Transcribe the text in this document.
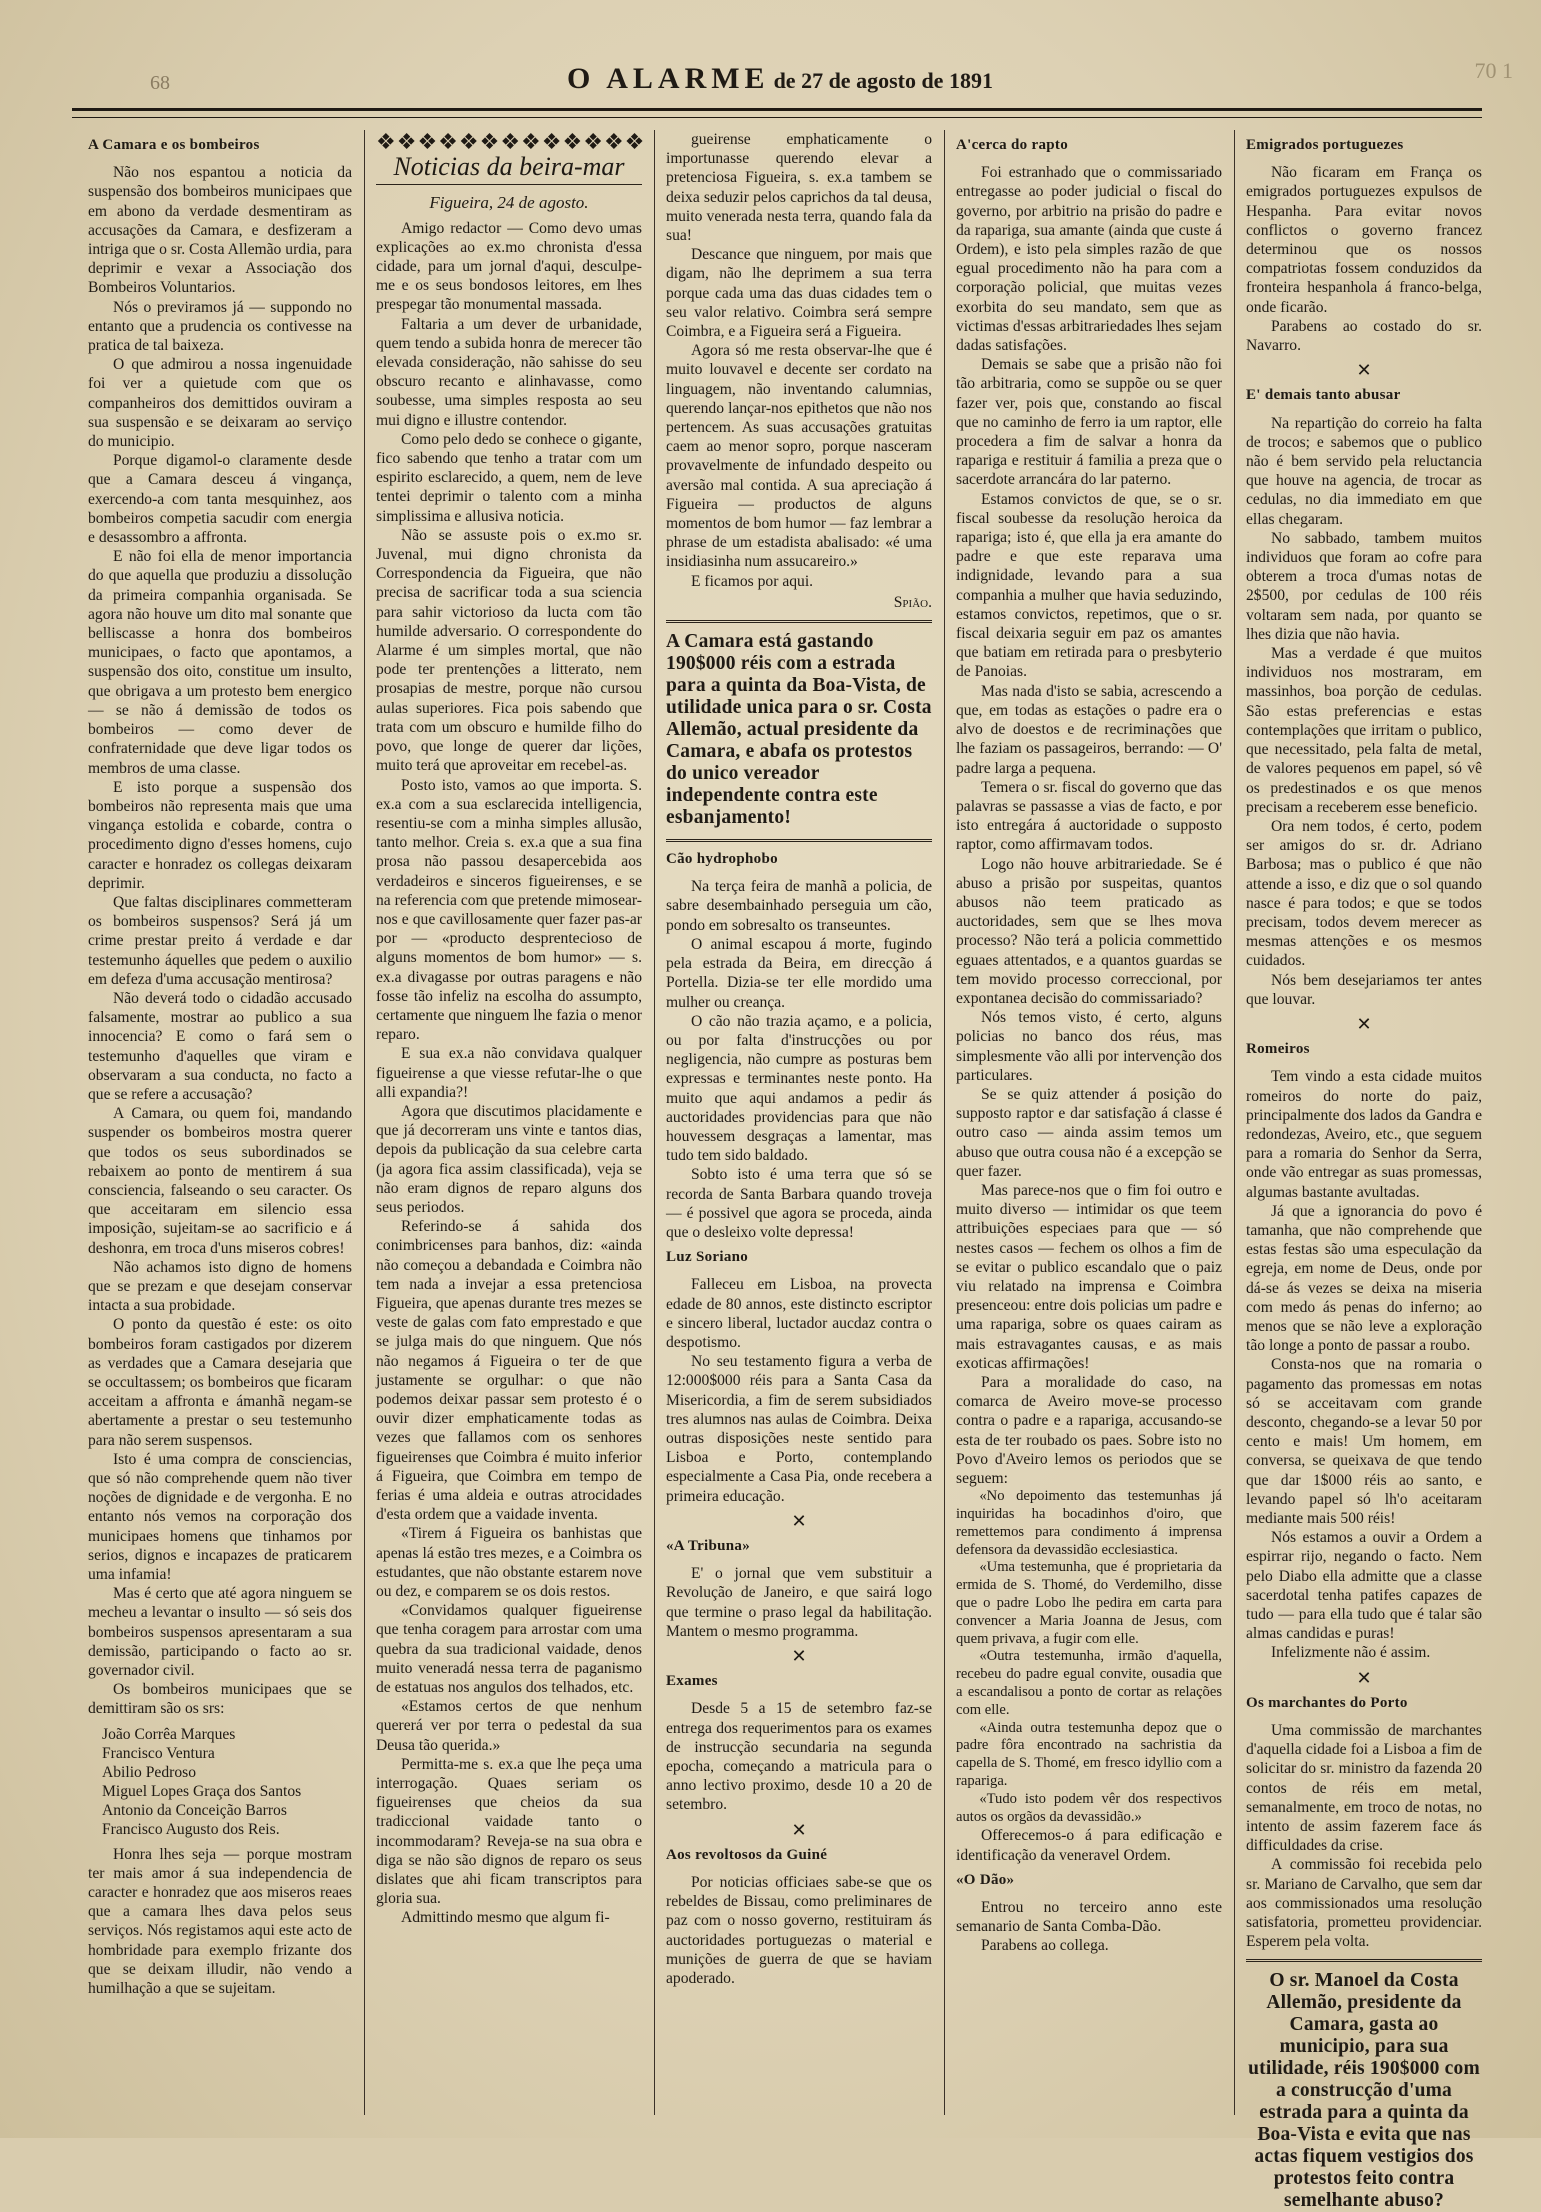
68	70 1
O ALARME de 27 de agosto de 1891
A Camara e os bombeiros

Não nos espantou a noticia da suspensão dos bombeiros municipaes que em abono da verdade desmentiram as accusações da Camara, e desfizeram a intriga que o sr. Costa Allemão urdia, para deprimir e vexar a Associação dos Bombeiros Voluntarios.

Nós o previramos já — suppondo no entanto que a prudencia os contivesse na pratica de tal baixeza.

O que admirou a nossa ingenuidade foi ver a quietude com que os companheiros dos demittidos ouviram a sua suspensão e se deixaram ao serviço do municipio.

Porque digamol-o claramente desde que a Camara desceu á vingança, exercendo-a com tanta mesquinhez, aos bombeiros competia sacudir com energia e desassombro a affronta.

E não foi ella de menor importancia do que aquella que produziu a dissolução da primeira companhia organisada. Se agora não houve um dito mal sonante que belliscasse a honra dos bombeiros municipaes, o facto que apontamos, a suspensão dos oito, constitue um insulto, que obrigava a um protesto bem energico — se não á demissão de todos os bombeiros — como dever de confraternidade que deve ligar todos os membros de uma classe.

E isto porque a suspensão dos bombeiros não representa mais que uma vingança estolida e cobarde, contra o procedimento digno d'esses homens, cujo caracter e honradez os collegas deixaram deprimir.

Que faltas disciplinares commetteram os bombeiros suspensos? Será já um crime prestar preito á verdade e dar testemunho áquelles que pedem o auxilio em defeza d'uma accusação mentirosa?

Não deverá todo o cidadão accusado falsamente, mostrar ao publico a sua innocencia? E como o fará sem o testemunho d'aquelles que viram e observaram a sua conducta, no facto a que se refere a accusação?

A Camara, ou quem foi, mandando suspender os bombeiros mostra querer que todos os seus subordinados se rebaixem ao ponto de mentirem á sua consciencia, falseando o seu caracter. Os que acceitaram em silencio essa imposição, sujeitam-se ao sacrificio e á deshonra, em troca d'uns miseros cobres!

Não achamos isto digno de homens que se prezam e que desejam conservar intacta a sua probidade.

O ponto da questão é este: os oito bombeiros foram castigados por dizerem as verdades que a Camara desejaria que se occultassem; os bombeiros que ficaram acceitam a affronta e ámanhã negam-se abertamente a prestar o seu testemunho para não serem suspensos.

Isto é uma compra de consciencias, que só não comprehende quem não tiver noções de dignidade e de vergonha. E no entanto nós vemos na corporação dos municipaes homens que tinhamos por serios, dignos e incapazes de praticarem uma infamia!

Mas é certo que até agora ninguem se mecheu a levantar o insulto — só seis dos bombeiros suspensos apresentaram a sua demissão, participando o facto ao sr. governador civil.

Os bombeiros municipaes que se demittiram são os srs:

João Corrêa Marques
Francisco Ventura
Abilio Pedroso
Miguel Lopes Graça dos Santos
Antonio da Conceição Barros
Francisco Augusto dos Reis.

Honra lhes seja — porque mostram ter mais amor á sua independencia de caracter e honradez que aos miseros reaes que a camara lhes dava pelos seus serviços. Nós registamos aqui este acto de hombridade para exemplo frizante dos que se deixam illudir, não vendo a humilhação a que se sujeitam.

❖❖❖❖❖❖❖❖❖❖❖❖❖
Noticias da beira-mar
Figueira, 24 de agosto.

Amigo redactor — Como devo umas explicações ao ex.mo chronista d'essa cidade, para um jornal d'aqui, desculpe-me e os seus bondosos leitores, em lhes prespegar tão monumental massada.

Faltaria a um dever de urbanidade, quem tendo a subida honra de merecer tão elevada consideração, não sahisse do seu obscuro recanto e alinhavasse, como soubesse, uma simples resposta ao seu mui digno e illustre contendor.

Como pelo dedo se conhece o gigante, fico sabendo que tenho a tratar com um espirito esclarecido, a quem, nem de leve tentei deprimir o talento com a minha simplissima e allusiva noticia.

Não se assuste pois o ex.mo sr. Juvenal, mui digno chronista da Correspondencia da Figueira, que não precisa de sacrificar toda a sua sciencia para sahir victorioso da lucta com tão humilde adversario. O correspondente do Alarme é um simples mortal, que não pode ter prentenções a litterato, nem prosapias de mestre, porque não cursou aulas superiores. Fica pois sabendo que trata com um obscuro e humilde filho do povo, que longe de querer dar lições, muito terá que aproveitar em recebel-as.

Posto isto, vamos ao que importa. S. ex.a com a sua esclarecida intelligencia, resentiu-se com a minha simples allusão, tanto melhor. Creia s. ex.a que a sua fina prosa não passou desapercebida aos verdadeiros e sinceros figueirenses, e se na referencia com que pretende mimosear-nos e que cavillosamente quer fazer pas-ar por — «producto desprentecioso de alguns momentos de bom humor» — s. ex.a divagasse por outras paragens e não fosse tão infeliz na escolha do assumpto, certamente que ninguem lhe fazia o menor reparo.

E sua ex.a não convidava qualquer figueirense a que viesse refutar-lhe o que alli expandia?!

Agora que discutimos placidamente e que já decorreram uns vinte e tantos dias, depois da publicação da sua celebre carta (ja agora fica assim classificada), veja se não eram dignos de reparo alguns dos seus periodos.

Referindo-se á sahida dos conimbricenses para banhos, diz: «ainda não começou a debandada e Coimbra não tem nada a invejar a essa pretenciosa Figueira, que apenas durante tres mezes se veste de galas com fato emprestado e que se julga mais do que ninguem. Que nós não negamos á Figueira o ter de que justamente se orgulhar: o que não podemos deixar passar sem protesto é o ouvir dizer emphaticamente todas as vezes que fallamos com os senhores figueirenses que Coimbra é muito inferior á Figueira, que Coimbra em tempo de ferias é uma aldeia e outras atrocidades d'esta ordem que a vaidade inventa.

«Tirem á Figueira os banhistas que apenas lá estão tres mezes, e a Coimbra os estudantes, que não obstante estarem nove ou dez, e comparem se os dois restos.

«Convidamos qualquer figueirense que tenha coragem para arrostar com uma quebra da sua tradicional vaidade, denos muito veneradá nessa terra de paganismo de estatuas nos angulos dos telhados, etc.

«Estamos certos de que nenhum quererá ver por terra o pedestal da sua Deusa tão querida.»

Permitta-me s. ex.a que lhe peça uma interrogação. Quaes seriam os figueirenses que cheios da sua tradiccional vaidade tanto o incommodaram? Reveja-se na sua obra e diga se não são dignos de reparo os seus dislates que ahi ficam transcriptos para gloria sua.

Admittindo mesmo que algum fi-

gueirense emphaticamente o importunasse querendo elevar a pretenciosa Figueira, s. ex.a tambem se deixa seduzir pelos caprichos da tal deusa, muito venerada nesta terra, quando fala da sua!

Descance que ninguem, por mais que digam, não lhe deprimem a sua terra porque cada uma das duas cidades tem o seu valor relativo. Coimbra será sempre Coimbra, e a Figueira será a Figueira.

Agora só me resta observar-lhe que é muito louvavel e decente ser cordato na linguagem, não inventando calumnias, querendo lançar-nos epithetos que não nos pertencem. As suas accusações gratuitas caem ao menor sopro, porque nasceram provavelmente de infundado despeito ou aversão mal contida. A sua apreciação á Figueira — productos de alguns momentos de bom humor — faz lembrar a phrase de um estadista abalisado: «é uma insidiasinha num assucareiro.»

E ficamos por aqui.

Spião.
A Camara está gastando 190$000 réis com a estrada para a quinta da Boa-Vista, de utilidade unica para o sr. Costa Allemão, actual presidente da Camara, e abafa os protestos do unico vereador independente contra este esbanjamento!
Cão hydrophobo

Na terça feira de manhã a policia, de sabre desembainhado perseguia um cão, pondo em sobresalto os transeuntes.

O animal escapou á morte, fugindo pela estrada da Beira, em direcção á Portella. Dizia-se ter elle mordido uma mulher ou creança.

O cão não trazia açamo, e a policia, ou por falta d'instrucções ou por negligencia, não cumpre as posturas bem expressas e terminantes neste ponto. Ha muito que aqui andamos a pedir ás auctoridades providencias para que não houvessem desgraças a lamentar, mas tudo tem sido baldado.

Sobto isto é uma terra que só se recorda de Santa Barbara quando troveja — é possivel que agora se proceda, ainda que o desleixo volte depressa!

Luz Soriano

Falleceu em Lisboa, na provecta edade de 80 annos, este distincto escriptor e sincero liberal, luctador aucdaz contra o despotismo.

No seu testamento figura a verba de 12:000$000 réis para a Santa Casa da Misericordia, a fim de serem subsidiados tres alumnos nas aulas de Coimbra. Deixa outras disposições neste sentido para Lisboa e Porto, contemplando especialmente a Casa Pia, onde recebera a primeira educação.

✕
«A Tribuna»

E' o jornal que vem substituir a Revolução de Janeiro, e que sairá logo que termine o praso legal da habilitação. Mantem o mesmo programma.

✕
Exames

Desde 5 a 15 de setembro faz-se entrega dos requerimentos para os exames de instrucção secundaria na segunda epocha, começando a matricula para o anno lectivo proximo, desde 10 a 20 de setembro.

✕
Aos revoltosos da Guiné

Por noticias officiaes sabe-se que os rebeldes de Bissau, como preliminares de paz com o nosso governo, restituiram ás auctoridades portuguezas o material e munições de guerra de que se haviam apoderado.

A'cerca do rapto

Foi estranhado que o commissariado entregasse ao poder judicial o fiscal do governo, por arbitrio na prisão do padre e da rapariga, sua amante (ainda que custe á Ordem), e isto pela simples razão de que egual procedimento não ha para com a corporação policial, que muitas vezes exorbita do seu mandato, sem que as victimas d'essas arbitrariedades lhes sejam dadas satisfações.

Demais se sabe que a prisão não foi tão arbitraria, como se suppõe ou se quer fazer ver, pois que, constando ao fiscal que no caminho de ferro ia um raptor, elle procedera a fim de salvar a honra da rapariga e restituir á familia a preza que o sacerdote arrancára do lar paterno.

Estamos convictos de que, se o sr. fiscal soubesse da resolução heroica da rapariga; isto é, que ella ja era amante do padre e que este reparava uma indignidade, levando para a sua companhia a mulher que havia seduzindo, estamos convictos, repetimos, que o sr. fiscal deixaria seguir em paz os amantes que batiam em retirada para o presbyterio de Panoias.

Mas nada d'isto se sabia, acrescendo a que, em todas as estações o padre era o alvo de doestos e de recriminações que lhe faziam os passageiros, berrando: — O' padre larga a pequena.

Temera o sr. fiscal do governo que das palavras se passasse a vias de facto, e por isto entregára á auctoridade o supposto raptor, como affirmavam todos.

Logo não houve arbitrariedade. Se é abuso a prisão por suspeitas, quantos abusos não teem praticado as auctoridades, sem que se lhes mova processo? Não terá a policia commettido eguaes attentados, e a quantos guardas se tem movido processo correccional, por expontanea decisão do commissariado?

Nós temos visto, é certo, alguns policias no banco dos réus, mas simplesmente vão alli por intervenção dos particulares.

Se se quiz attender á posição do supposto raptor e dar satisfação á classe é outro caso — ainda assim temos um abuso que outra cousa não é a excepção se quer fazer.

Mas parece-nos que o fim foi outro e muito diverso — intimidar os que teem attribuições especiaes para que — só nestes casos — fechem os olhos a fim de se evitar o publico escandalo que o paiz viu relatado na imprensa e Coimbra presenceou: entre dois policias um padre e uma rapariga, sobre os quaes cairam as mais estravagantes causas, e as mais exoticas affirmações!

Para a moralidade do caso, na comarca de Aveiro move-se processo contra o padre e a rapariga, accusando-se esta de ter roubado os paes. Sobre isto no Povo d'Aveiro lemos os periodos que se seguem:

«No depoimento das testemunhas já inquiridas ha bocadinhos d'oiro, que remettemos para condimento á imprensa defensora da devassidão ecclesiastica.

«Uma testemunha, que é proprietaria da ermida de S. Thomé, do Verdemilho, disse que o padre Lobo lhe pedira em carta para convencer a Maria Joanna de Jesus, com quem privava, a fugir com elle.

«Outra testemunha, irmão d'aquella, recebeu do padre egual convite, ousadia que a escandalisou a ponto de cortar as relações com elle.

«Ainda outra testemunha depoz que o padre fôra encontrado na sachristia da capella de S. Thomé, em fresco idyllio com a rapariga.

«Tudo isto podem vêr dos respectivos autos os orgãos da devassidão.»

Offerecemos-o á para edificação e identificação da veneravel Ordem.

«O Dão»

Entrou no terceiro anno este semanario de Santa Comba-Dão.

Parabens ao collega.

Emigrados portuguezes

Não ficaram em França os emigrados portuguezes expulsos de Hespanha. Para evitar novos conflictos o governo francez determinou que os nossos compatriotas fossem conduzidos da fronteira hespanhola á franco-belga, onde ficarão.

Parabens ao costado do sr. Navarro.

✕
E' demais tanto abusar

Na repartição do correio ha falta de trocos; e sabemos que o publico não é bem servido pela reluctancia que houve na agencia, de trocar as cedulas, no dia immediato em que ellas chegaram.

No sabbado, tambem muitos individuos que foram ao cofre para obterem a troca d'umas notas de 2$500, por cedulas de 100 réis voltaram sem nada, por quanto se lhes dizia que não havia.

Mas a verdade é que muitos individuos nos mostraram, em massinhos, boa porção de cedulas. São estas preferencias e estas contemplações que irritam o publico, que necessitado, pela falta de metal, de valores pequenos em papel, só vê os predestinados e os que menos precisam a receberem esse beneficio.

Ora nem todos, é certo, podem ser amigos do sr. dr. Adriano Barbosa; mas o publico é que não attende a isso, e diz que o sol quando nasce é para todos; e que se todos precisam, todos devem merecer as mesmas attenções e os mesmos cuidados.

Nós bem desejariamos ter antes que louvar.

✕
Romeiros

Tem vindo a esta cidade muitos romeiros do norte do paiz, principalmente dos lados da Gandra e redondezas, Aveiro, etc., que seguem para a romaria do Senhor da Serra, onde vão entregar as suas promessas, algumas bastante avultadas.

Já que a ignorancia do povo é tamanha, que não comprehende que estas festas são uma especulação da egreja, em nome de Deus, onde por dá-se ás vezes se deixa na miseria com medo ás penas do inferno; ao menos que se não leve a exploração tão longe a ponto de passar a roubo.

Consta-nos que na romaria o pagamento das promessas em notas só se acceitavam com grande desconto, chegando-se a levar 50 por cento e mais! Um homem, em conversa, se queixava de que tendo que dar 1$000 réis ao santo, e levando papel só lh'o aceitaram mediante mais 500 réis!

Nós estamos a ouvir a Ordem a espirrar rijo, negando o facto. Nem pelo Diabo ella admitte que a classe sacerdotal tenha patifes capazes de tudo — para ella tudo que é talar são almas candidas e puras!

Infelizmente não é assim.

✕
Os marchantes do Porto

Uma commissão de marchantes d'aquella cidade foi a Lisboa a fim de solicitar do sr. ministro da fazenda 20 contos de réis em metal, semanalmente, em troco de notas, no intento de assim fazerem face ás difficuldades da crise.

A commissão foi recebida pelo sr. Mariano de Carvalho, que sem dar aos commissionados uma resolução satisfatoria, prometteu providenciar. Esperem pela volta.

O sr. Manoel da Costa Allemão, presidente da Camara, gasta ao municipio, para sua utilidade, réis 190$000 com a construcção d'uma estrada para a quinta da Boa-Vista e evita que nas actas fiquem vestigios dos protestos feito contra semelhante abuso?
